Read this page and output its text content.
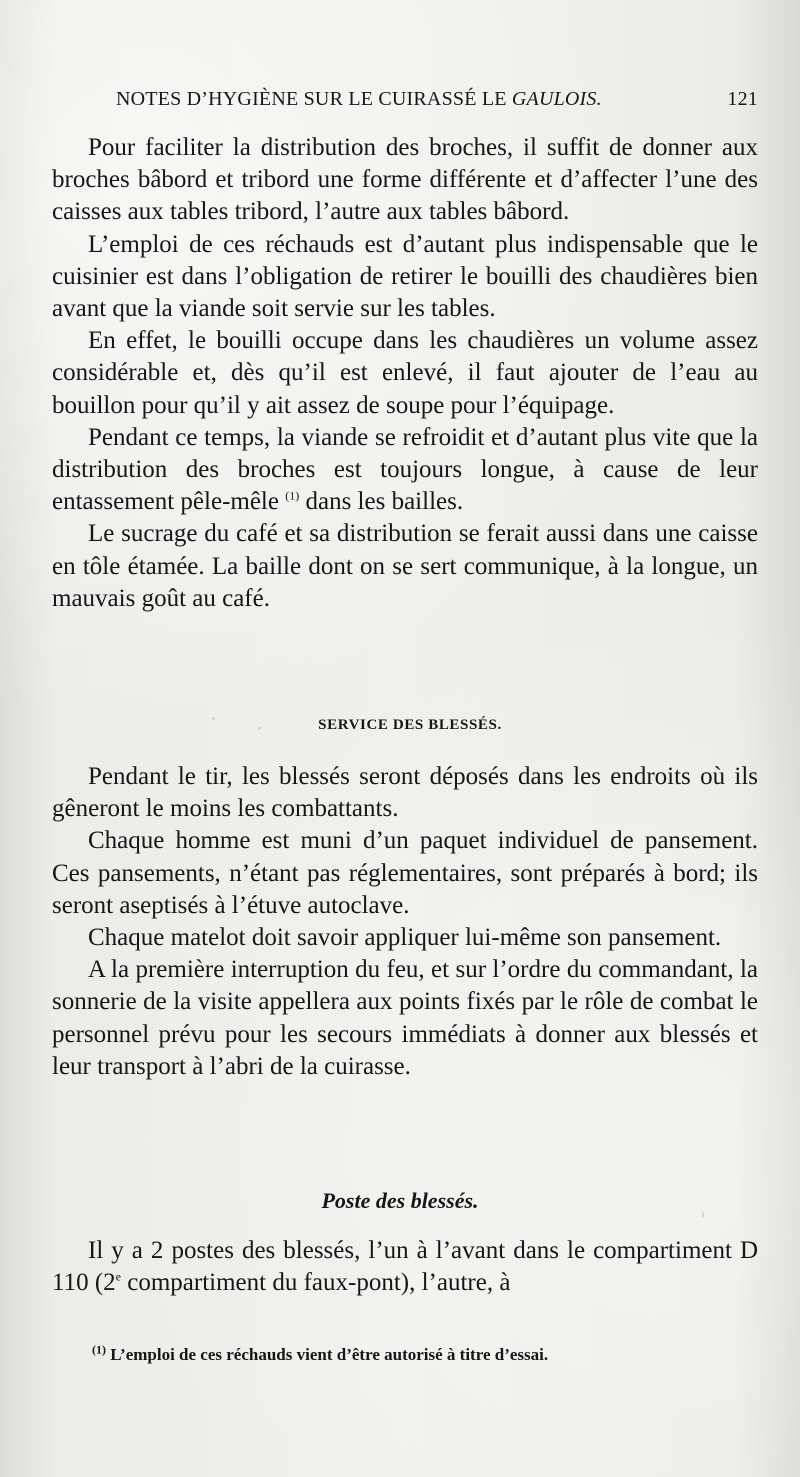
NOTES D’HYGIÈNE SUR LE CUIRASSÉ LE GAULOIS.	121

Pour faciliter la distribution des broches, il suffit de donner aux broches bâbord et tribord une forme différente et d’affecter l’une des caisses aux tables tribord, l’autre aux tables bâbord.

L’emploi de ces réchauds est d’autant plus indispensable que le cuisinier est dans l’obligation de retirer le bouilli des chaudières bien avant que la viande soit servie sur les tables.

En effet, le bouilli occupe dans les chaudières un volume assez considérable et, dès qu’il est enlevé, il faut ajouter de l’eau au bouillon pour qu’il y ait assez de soupe pour l’équipage.

Pendant ce temps, la viande se refroidit et d’autant plus vite que la distribution des broches est toujours longue, à cause de leur entassement pêle-mêle $^{(1)}$ dans les bailles.

Le sucrage du café et sa distribution se ferait aussi dans une caisse en tôle étamée. La baille dont on se sert communique, à la longue, un mauvais goût au café.

SERVICE DES BLESSÉS.

Pendant le tir, les blessés seront déposés dans les endroits où ils gêneront le moins les combattants.

Chaque homme est muni d’un paquet individuel de pansement. Ces pansements, n’étant pas réglementaires, sont préparés à bord; ils seront aseptisés à l’étuve autoclave.

Chaque matelot doit savoir appliquer lui-même son pansement.

A la première interruption du feu, et sur l’ordre du commandant, la sonnerie de la visite appellera aux points fixés par le rôle de combat le personnel prévu pour les secours immédiats à donner aux blessés et leur transport à l’abri de la cuirasse.

Poste des blessés.

Il y a 2 postes des blessés, l’un à l’avant dans le compartiment D 110 (2e compartiment du faux-pont), l’autre, à

$^{(1)}$ L’emploi de ces réchauds vient d’être autorisé à titre d’essai.
